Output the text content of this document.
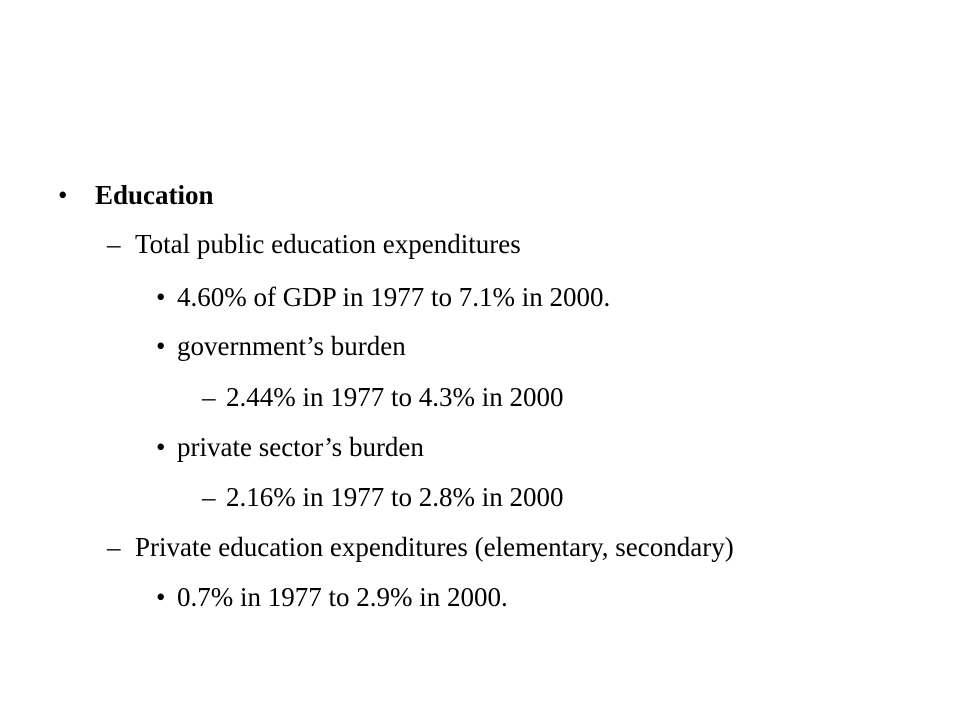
• Education
– Total public education expenditures
• 4.60% of GDP in 1977 to 7.1% in 2000.
• government’s burden
– 2.44% in 1977 to 4.3% in 2000
• private sector’s burden
– 2.16% in 1977 to 2.8% in 2000
– Private education expenditures (elementary, secondary)
• 0.7% in 1977 to 2.9% in 2000.
